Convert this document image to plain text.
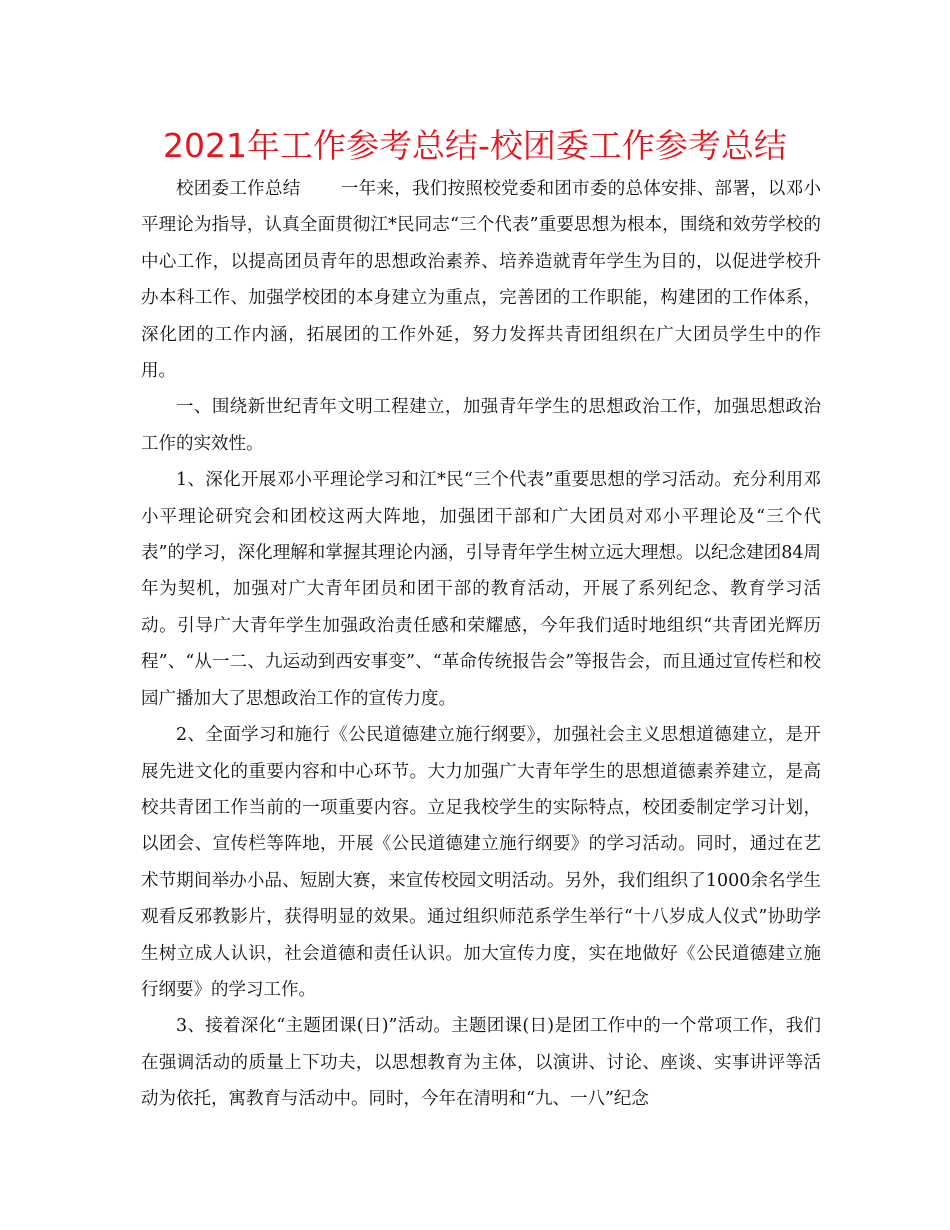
2021年工作参考总结-校团委工作参考总结

校团委工作总结 一年来，我们按照校党委和团市委的总体安排、部署，以邓小平理论为指导，认真全面贯彻江*民同志“三个代表”重要思想为根本，围绕和效劳学校的中心工作，以提高团员青年的思想政治素养、培养造就青年学生为目的，以促进学校升办本科工作、加强学校团的本身建立为重点，完善团的工作职能，构建团的工作体系，深化团的工作内涵，拓展团的工作外延，努力发挥共青团组织在广大团员学生中的作用。

一、围绕新世纪青年文明工程建立，加强青年学生的思想政治工作，加强思想政治工作的实效性。

1、深化开展邓小平理论学习和江*民“三个代表”重要思想的学习活动。充分利用邓小平理论研究会和团校这两大阵地，加强团干部和广大团员对邓小平理论及“三个代表”的学习，深化理解和掌握其理论内涵，引导青年学生树立远大理想。以纪念建团84周年为契机，加强对广大青年团员和团干部的教育活动，开展了系列纪念、教育学习活动。引导广大青年学生加强政治责任感和荣耀感，今年我们适时地组织“共青团光辉历程”、“从一二、九运动到西安事变”、“革命传统报告会”等报告会，而且通过宣传栏和校园广播加大了思想政治工作的宣传力度。

2、全面学习和施行《公民道德建立施行纲要》，加强社会主义思想道德建立，是开展先进文化的重要内容和中心环节。大力加强广大青年学生的思想道德素养建立，是高校共青团工作当前的一项重要内容。立足我校学生的实际特点，校团委制定学习计划，以团会、宣传栏等阵地，开展《公民道德建立施行纲要》的学习活动。同时，通过在艺术节期间举办小品、短剧大赛，来宣传校园文明活动。另外，我们组织了1000余名学生观看反邪教影片，获得明显的效果。通过组织师范系学生举行“十八岁成人仪式”协助学生树立成人认识，社会道德和责任认识。加大宣传力度，实在地做好《公民道德建立施行纲要》的学习工作。

3、接着深化“主题团课(日)”活动。主题团课(日)是团工作中的一个常项工作，我们在强调活动的质量上下功夫，以思想教育为主体，以演讲、讨论、座谈、实事讲评等活动为依托，寓教育与活动中。同时，今年在清明和“九、一八”纪念
